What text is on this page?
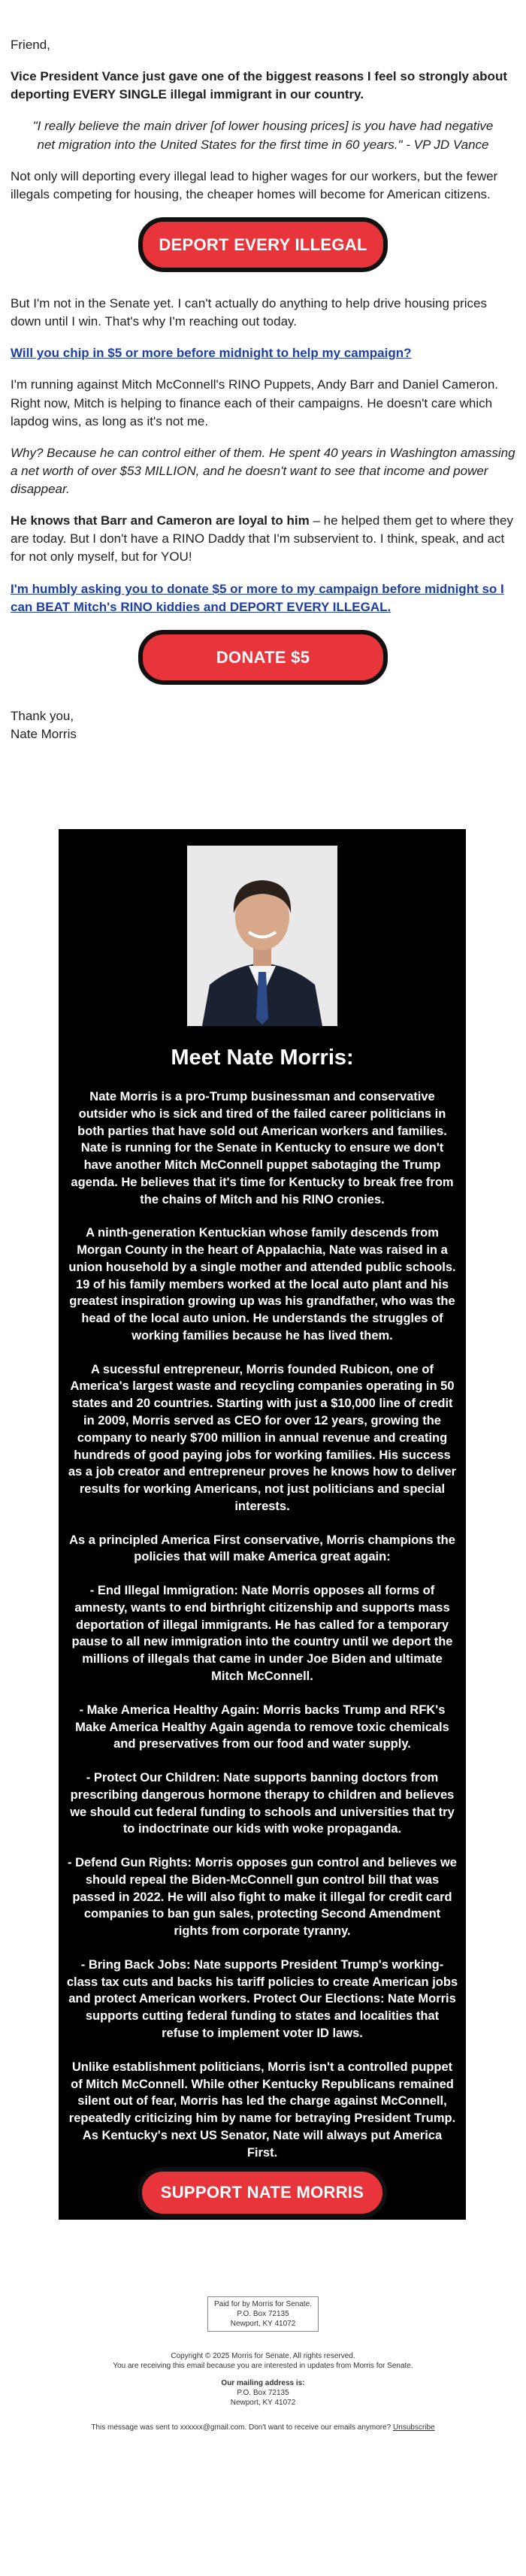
Friend,

Vice President Vance just gave one of the biggest reasons I feel so strongly about deporting EVERY SINGLE illegal immigrant in our country.

"I really believe the main driver [of lower housing prices] is you have had negative net migration into the United States for the first time in 60 years." - VP JD Vance

Not only will deporting every illegal lead to higher wages for our workers, but the fewer illegals competing for housing, the cheaper homes will become for American citizens.

DEPORT EVERY ILLEGAL

But I'm not in the Senate yet. I can't actually do anything to help drive housing prices down until I win. That's why I'm reaching out today.

Will you chip in $5 or more before midnight to help my campaign?

I'm running against Mitch McConnell's RINO Puppets, Andy Barr and Daniel Cameron. Right now, Mitch is helping to finance each of their campaigns. He doesn't care which lapdog wins, as long as it's not me.

Why? Because he can control either of them. He spent 40 years in Washington amassing a net worth of over $53 MILLION, and he doesn't want to see that income and power disappear.

He knows that Barr and Cameron are loyal to him – he helped them get to where they are today. But I don't have a RINO Daddy that I'm subservient to. I think, speak, and act for not only myself, but for YOU!

I'm humbly asking you to donate $5 or more to my campaign before midnight so I can BEAT Mitch's RINO kiddies and DEPORT EVERY ILLEGAL.

DONATE $5

Thank you,

Nate Morris

Meet Nate Morris:

Nate Morris is a pro-Trump businessman and conservative outsider who is sick and tired of the failed career politicians in both parties that have sold out American workers and families. Nate is running for the Senate in Kentucky to ensure we don't have another Mitch McConnell puppet sabotaging the Trump agenda. He believes that it's time for Kentucky to break free from the chains of Mitch and his RINO cronies.

A ninth-generation Kentuckian whose family descends from Morgan County in the heart of Appalachia, Nate was raised in a union household by a single mother and attended public schools. 19 of his family members worked at the local auto plant and his greatest inspiration growing up was his grandfather, who was the head of the local auto union. He understands the struggles of working families because he has lived them.

A sucessful entrepreneur, Morris founded Rubicon, one of America's largest waste and recycling companies operating in 50 states and 20 countries. Starting with just a $10,000 line of credit in 2009, Morris served as CEO for over 12 years, growing the company to nearly $700 million in annual revenue and creating hundreds of good paying jobs for working families. His success as a job creator and entrepreneur proves he knows how to deliver results for working Americans, not just politicians and special interests.

As a principled America First conservative, Morris champions the policies that will make America great again:

- End Illegal Immigration: Nate Morris opposes all forms of amnesty, wants to end birthright citizenship and supports mass deportation of illegal immigrants. He has called for a temporary pause to all new immigration into the country until we deport the millions of illegals that came in under Joe Biden and ultimate Mitch McConnell.

- Make America Healthy Again: Morris backs Trump and RFK's Make America Healthy Again agenda to remove toxic chemicals and preservatives from our food and water supply.

- Protect Our Children: Nate supports banning doctors from prescribing dangerous hormone therapy to children and believes we should cut federal funding to schools and universities that try to indoctrinate our kids with woke propaganda.

- Defend Gun Rights: Morris opposes gun control and believes we should repeal the Biden-McConnell gun control bill that was passed in 2022. He will also fight to make it illegal for credit card companies to ban gun sales, protecting Second Amendment rights from corporate tyranny.

- Bring Back Jobs: Nate supports President Trump's working-class tax cuts and backs his tariff policies to create American jobs and protect American workers. Protect Our Elections: Nate Morris supports cutting federal funding to states and localities that refuse to implement voter ID laws.

Unlike establishment politicians, Morris isn't a controlled puppet of Mitch McConnell. While other Kentucky Republicans remained silent out of fear, Morris has led the charge against McConnell, repeatedly criticizing him by name for betraying President Trump. As Kentucky's next US Senator, Nate will always put America First.

SUPPORT NATE MORRIS

Paid for by Morris for Senate.

P.O. Box 72135

Newport, KY 41072

Copyright © 2025 Morris for Senate, All rights reserved.

You are receiving this email because you are interested in updates from Morris for Senate.

Our mailing address is:

P.O. Box 72135

Newport, KY 41072

This message was sent to xxxxxx@gmail.com. Don't want to receive our emails anymore? Unsubscribe
